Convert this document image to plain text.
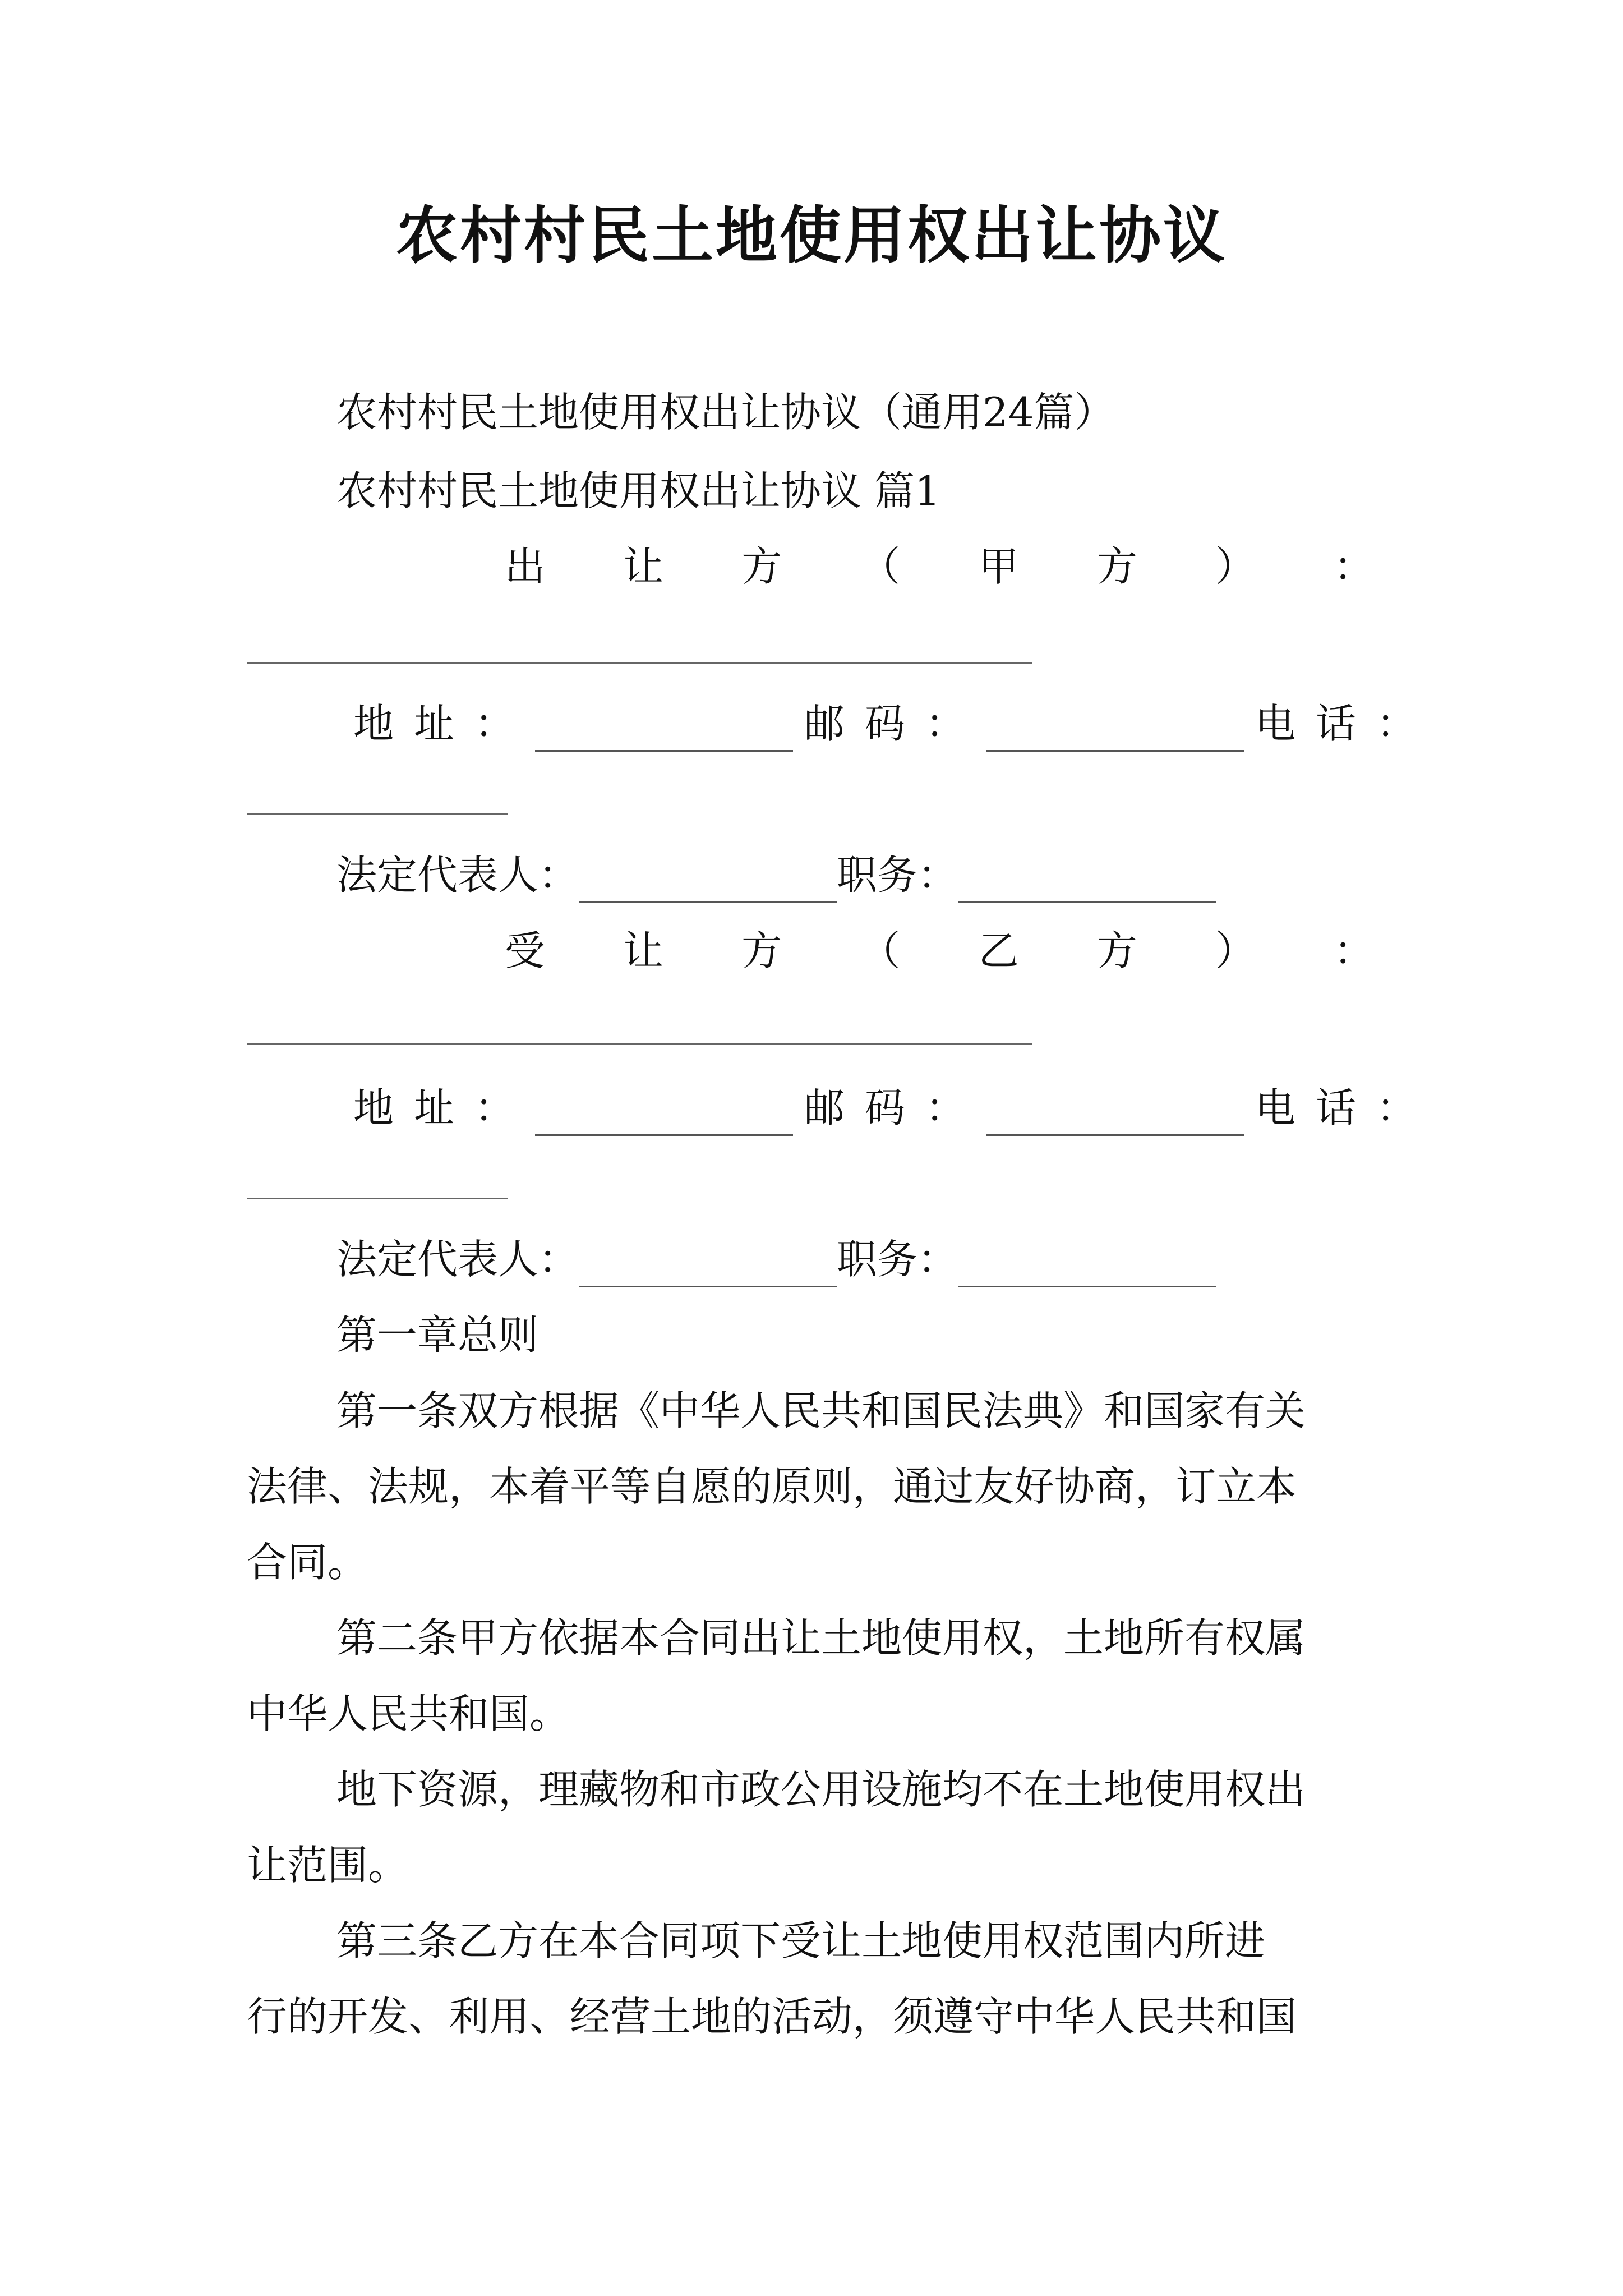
农村村民土地使用权出让协议
农村村民土地使用权出让协议（通用24篇）
农村村民土地使用权出让协议 篇1
出 让 方 （ 甲 方 ） ：
地址：	邮码：	电话：
法定代表人：	职务：
受 让 方 （ 乙 方 ） ：
地址：	邮码：	电话：
法定代表人：	职务：
第一章总则
第一条双方根据《中华人民共和国民法典》和国家有关
法律、法规，本着平等自愿的原则，通过友好协商，订立本
合同。
第二条甲方依据本合同出让土地使用权，土地所有权属
中华人民共和国。
地下资源，理藏物和市政公用设施均不在土地使用权出
让范围。
第三条乙方在本合同项下受让土地使用权范围内所进
行的开发、利用、经营土地的活动，须遵守中华人民共和国
